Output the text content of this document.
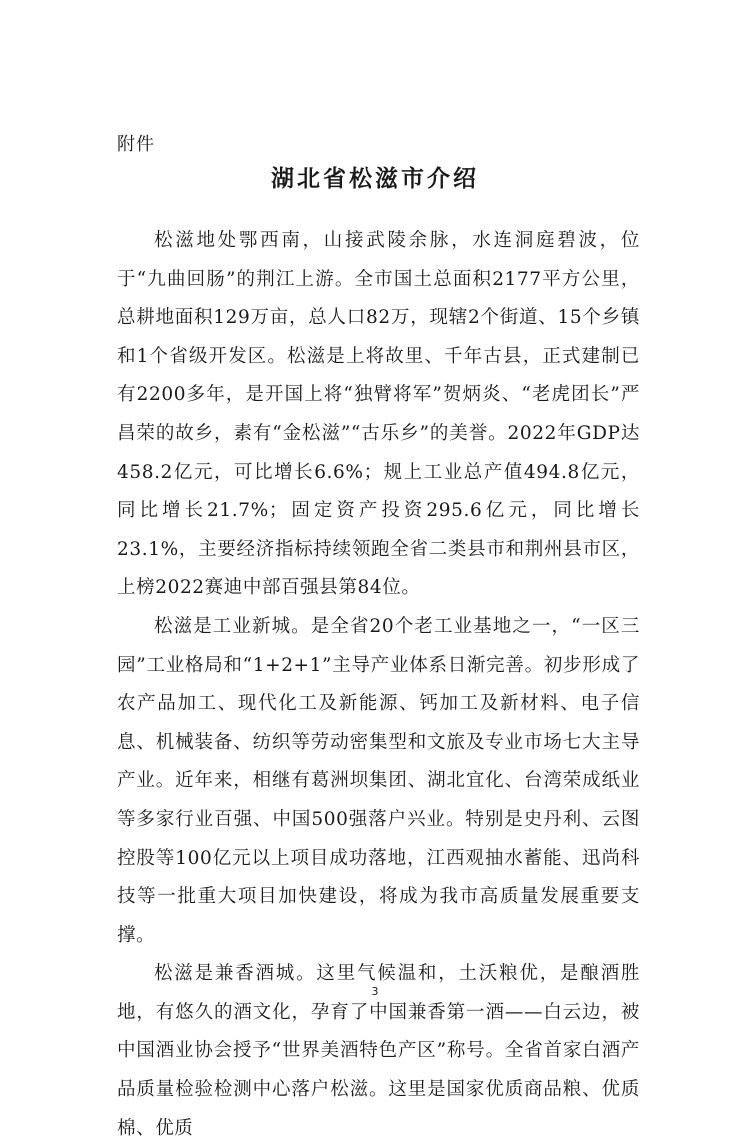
附件
湖北省松滋市介绍

松滋地处鄂西南，山接武陵余脉，水连洞庭碧波，位于“九曲回肠”的荆江上游。全市国土总面积2177平方公里，总耕地面积129万亩，总人口82万，现辖2个街道、15个乡镇和1个省级开发区。松滋是上将故里、千年古县，正式建制已有2200多年，是开国上将“独臂将军”贺炳炎、“老虎团长”严昌荣的故乡，素有“金松滋”“古乐乡”的美誉。2022年GDP达458.2亿元，可比增长6.6%；规上工业总产值494.8亿元，同比增长21.7%；固定资产投资295.6亿元，同比增长23.1%，主要经济指标持续领跑全省二类县市和荆州县市区，上榜2022赛迪中部百强县第84位。

松滋是工业新城。是全省20个老工业基地之一，“一区三园”工业格局和“1+2+1”主导产业体系日渐完善。初步形成了农产品加工、现代化工及新能源、钙加工及新材料、电子信息、机械装备、纺织等劳动密集型和文旅及专业市场七大主导产业。近年来，相继有葛洲坝集团、湖北宜化、台湾荣成纸业等多家行业百强、中国500强落户兴业。特别是史丹利、云图控股等100亿元以上项目成功落地，江西观抽水蓄能、迅尚科技等一批重大项目加快建设，将成为我市高质量发展重要支撑。

松滋是兼香酒城。这里气候温和，土沃粮优，是酿酒胜地，有悠久的酒文化，孕育了中国兼香第一酒——白云边，被中国酒业协会授予“世界美酒特色产区”称号。全省首家白酒产品质量检验检测中心落户松滋。这里是国家优质商品粮、优质棉、优质

3
